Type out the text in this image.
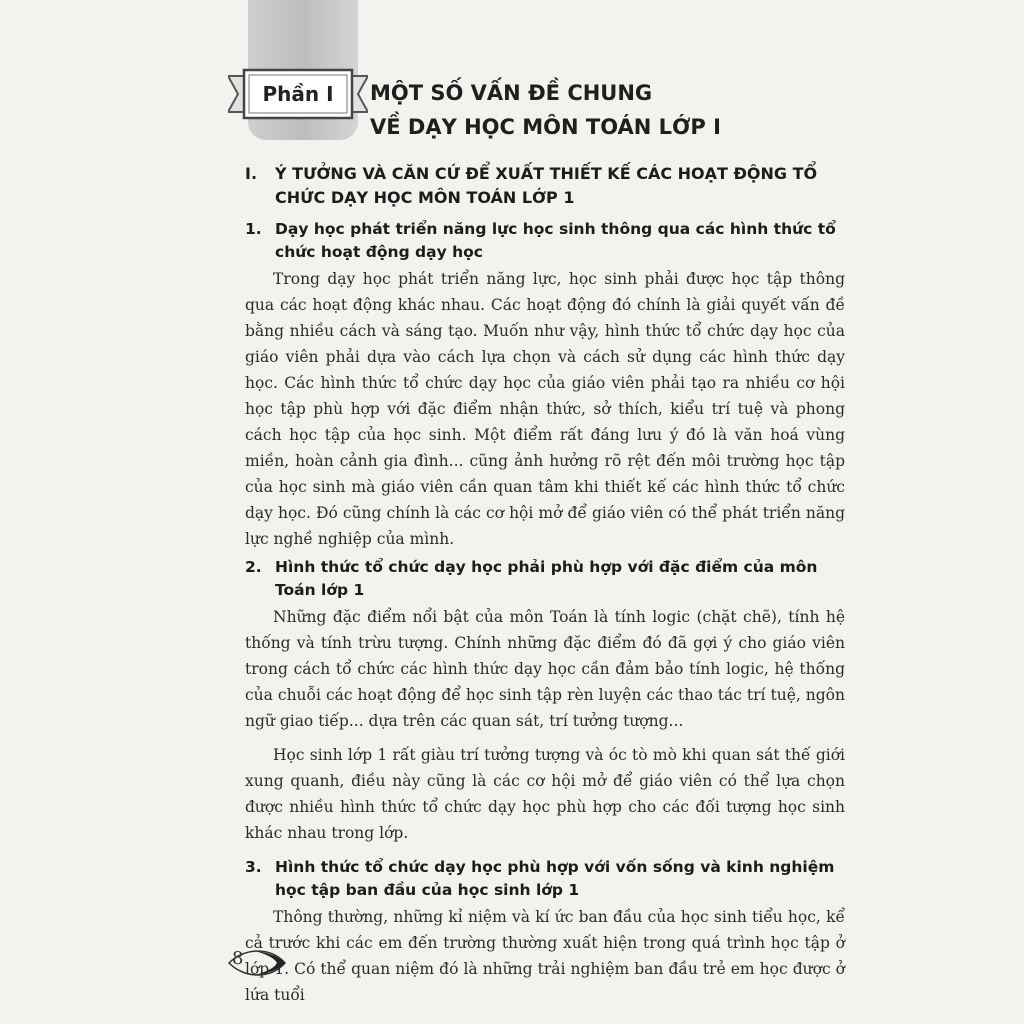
Phần I	MỘT SỐ VẤN ĐỀ CHUNG
VỀ DẠY HỌC MÔN TOÁN LỚP I
I.	Ý TƯỞNG VÀ CĂN CỨ ĐỂ XUẤT THIẾT KẾ CÁC HOẠT ĐỘNG TỔ CHỨC DẠY HỌC MÔN TOÁN LỚP 1
1. Dạy học phát triển năng lực học sinh thông qua các hình thức tổ chức hoạt động dạy học

Trong dạy học phát triển năng lực, học sinh phải được học tập thông qua các hoạt động khác nhau. Các hoạt động đó chính là giải quyết vấn đề bằng nhiều cách và sáng tạo. Muốn như vậy, hình thức tổ chức dạy học của giáo viên phải dựa vào cách lựa chọn và cách sử dụng các hình thức dạy học. Các hình thức tổ chức dạy học của giáo viên phải tạo ra nhiều cơ hội học tập phù hợp với đặc điểm nhận thức, sở thích, kiểu trí tuệ và phong cách học tập của học sinh. Một điểm rất đáng lưu ý đó là văn hoá vùng miền, hoàn cảnh gia đình... cũng ảnh hưởng rõ rệt đến môi trường học tập của học sinh mà giáo viên cần quan tâm khi thiết kế các hình thức tổ chức dạy học. Đó cũng chính là các cơ hội mở để giáo viên có thể phát triển năng lực nghề nghiệp của mình.

2. Hình thức tổ chức dạy học phải phù hợp với đặc điểm của môn Toán lớp 1

Những đặc điểm nổi bật của môn Toán là tính logic (chặt chẽ), tính hệ thống và tính trừu tượng. Chính những đặc điểm đó đã gợi ý cho giáo viên trong cách tổ chức các hình thức dạy học cần đảm bảo tính logic, hệ thống của chuỗi các hoạt động để học sinh tập rèn luyện các thao tác trí tuệ, ngôn ngữ giao tiếp... dựa trên các quan sát, trí tưởng tượng...

Học sinh lớp 1 rất giàu trí tưởng tượng và óc tò mò khi quan sát thế giới xung quanh, điều này cũng là các cơ hội mở để giáo viên có thể lựa chọn được nhiều hình thức tổ chức dạy học phù hợp cho các đối tượng học sinh khác nhau trong lớp.

3. Hình thức tổ chức dạy học phù hợp với vốn sống và kinh nghiệm học tập ban đầu của học sinh lớp 1

Thông thường, những kỉ niệm và kí ức ban đầu của học sinh tiểu học, kể cả trước khi các em đến trường thường xuất hiện trong quá trình học tập ở lớp 1. Có thể quan niệm đó là những trải nghiệm ban đầu trẻ em học được ở lứa tuổi

8
